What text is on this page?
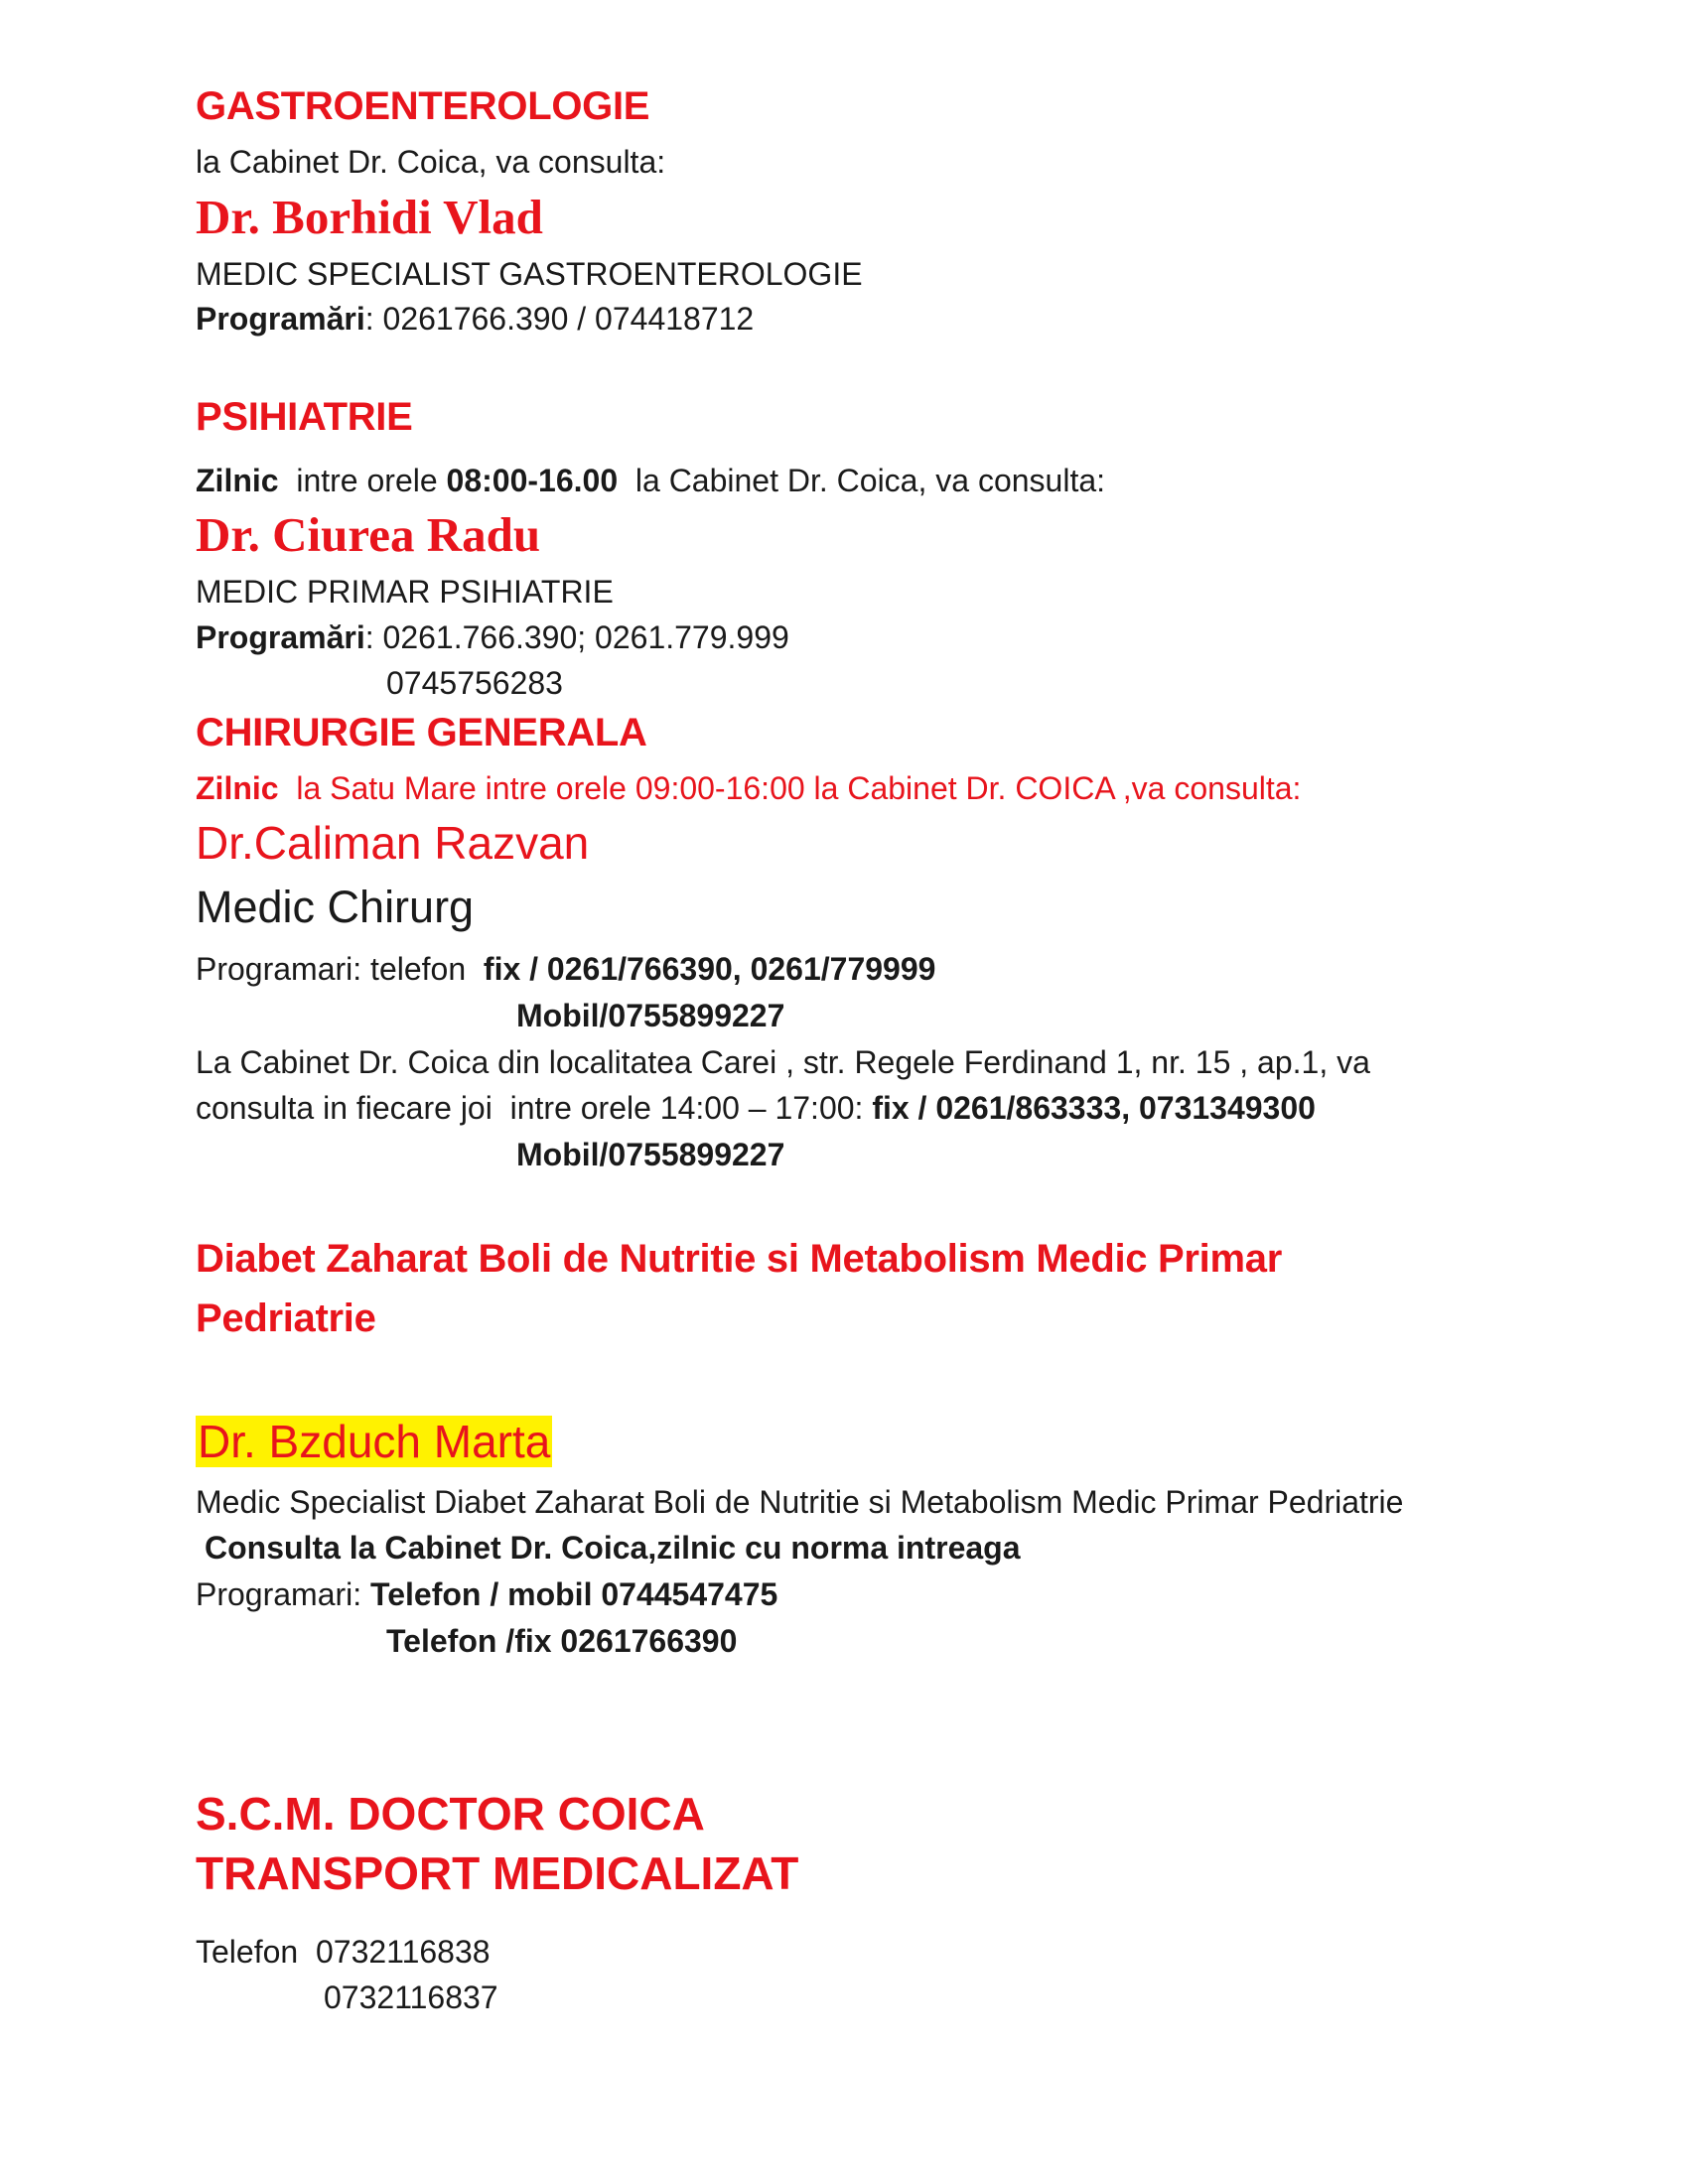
GASTROENTEROLOGIE
la Cabinet Dr. Coica, va consulta:
Dr. Borhidi Vlad
MEDIC SPECIALIST GASTROENTEROLOGIE
Programări: 0261766.390 / 074418712
PSIHIATRIE
Zilnic  intre orele 08:00-16.00  la Cabinet Dr. Coica, va consulta:
Dr. Ciurea Radu
MEDIC PRIMAR PSIHIATRIE
Programări: 0261.766.390; 0261.779.999
0745756283
CHIRURGIE GENERALA
Zilnic  la Satu Mare intre orele 09:00-16:00 la Cabinet Dr. COICA ,va consulta:
Dr.Caliman Razvan
Medic Chirurg
Programari: telefon  fix / 0261/766390, 0261/779999
Mobil/0755899227
La Cabinet Dr. Coica din localitatea Carei , str. Regele Ferdinand 1, nr. 15 , ap.1, va
consulta in fiecare joi  intre orele 14:00 – 17:00: fix / 0261/863333, 0731349300
Mobil/0755899227
Diabet Zaharat Boli de Nutritie si Metabolism Medic Primar
Pedriatrie
Dr. Bzduch Marta
Medic Specialist Diabet Zaharat Boli de Nutritie si Metabolism Medic Primar Pedriatrie
Consulta la Cabinet Dr. Coica,zilnic cu norma intreaga
Programari: Telefon / mobil 0744547475
Telefon /fix 0261766390
S.C.M. DOCTOR COICA
TRANSPORT MEDICALIZAT
Telefon  0732116838
0732116837
